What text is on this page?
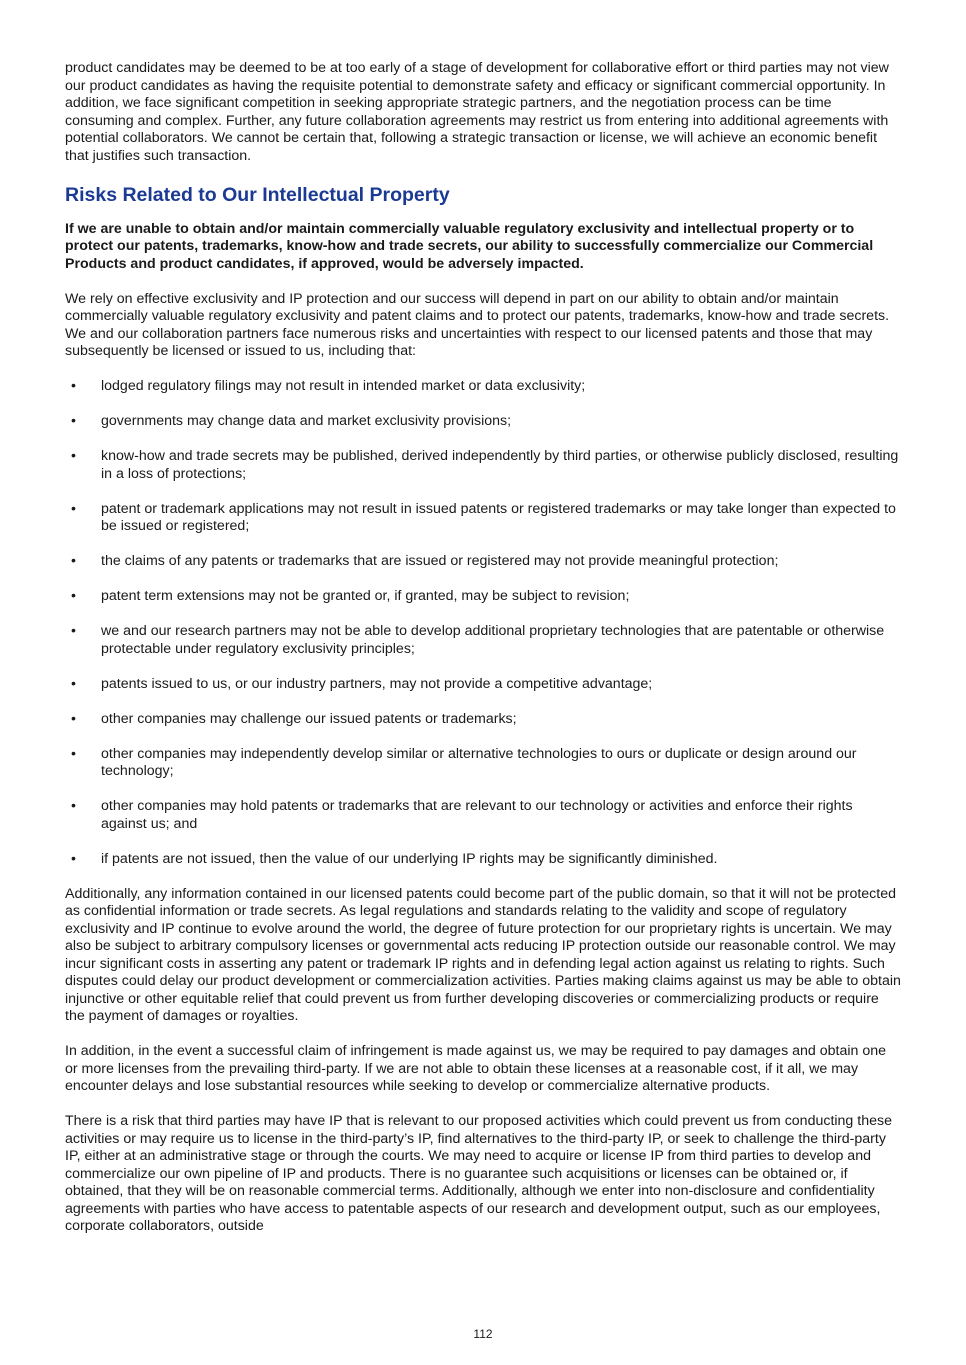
product candidates may be deemed to be at too early of a stage of development for collaborative effort or third parties may not view our product candidates as having the requisite potential to demonstrate safety and efficacy or significant commercial opportunity. In addition, we face significant competition in seeking appropriate strategic partners, and the negotiation process can be time consuming and complex. Further, any future collaboration agreements may restrict us from entering into additional agreements with potential collaborators. We cannot be certain that, following a strategic transaction or license, we will achieve an economic benefit that justifies such transaction.

Risks Related to Our Intellectual Property

If we are unable to obtain and/or maintain commercially valuable regulatory exclusivity and intellectual property or to protect our patents, trademarks, know-how and trade secrets, our ability to successfully commercialize our Commercial Products and product candidates, if approved, would be adversely impacted.

We rely on effective exclusivity and IP protection and our success will depend in part on our ability to obtain and/or maintain commercially valuable regulatory exclusivity and patent claims and to protect our patents, trademarks, know-how and trade secrets. We and our collaboration partners face numerous risks and uncertainties with respect to our licensed patents and those that may subsequently be licensed or issued to us, including that:

• lodged regulatory filings may not result in intended market or data exclusivity;
• governments may change data and market exclusivity provisions;
• know-how and trade secrets may be published, derived independently by third parties, or otherwise publicly disclosed, resulting in a loss of protections;
• patent or trademark applications may not result in issued patents or registered trademarks or may take longer than expected to be issued or registered;
• the claims of any patents or trademarks that are issued or registered may not provide meaningful protection;
• patent term extensions may not be granted or, if granted, may be subject to revision;
• we and our research partners may not be able to develop additional proprietary technologies that are patentable or otherwise protectable under regulatory exclusivity principles;
• patents issued to us, or our industry partners, may not provide a competitive advantage;
• other companies may challenge our issued patents or trademarks;
• other companies may independently develop similar or alternative technologies to ours or duplicate or design around our technology;
• other companies may hold patents or trademarks that are relevant to our technology or activities and enforce their rights against us; and
• if patents are not issued, then the value of our underlying IP rights may be significantly diminished.

Additionally, any information contained in our licensed patents could become part of the public domain, so that it will not be protected as confidential information or trade secrets. As legal regulations and standards relating to the validity and scope of regulatory exclusivity and IP continue to evolve around the world, the degree of future protection for our proprietary rights is uncertain. We may also be subject to arbitrary compulsory licenses or governmental acts reducing IP protection outside our reasonable control. We may incur significant costs in asserting any patent or trademark IP rights and in defending legal action against us relating to rights. Such disputes could delay our product development or commercialization activities. Parties making claims against us may be able to obtain injunctive or other equitable relief that could prevent us from further developing discoveries or commercializing products or require the payment of damages or royalties.

In addition, in the event a successful claim of infringement is made against us, we may be required to pay damages and obtain one or more licenses from the prevailing third-party. If we are not able to obtain these licenses at a reasonable cost, if it all, we may encounter delays and lose substantial resources while seeking to develop or commercialize alternative products.

There is a risk that third parties may have IP that is relevant to our proposed activities which could prevent us from conducting these activities or may require us to license in the third-party’s IP, find alternatives to the third-party IP, or seek to challenge the third-party IP, either at an administrative stage or through the courts. We may need to acquire or license IP from third parties to develop and commercialize our own pipeline of IP and products. There is no guarantee such acquisitions or licenses can be obtained or, if obtained, that they will be on reasonable commercial terms. Additionally, although we enter into non-disclosure and confidentiality agreements with parties who have access to patentable aspects of our research and development output, such as our employees, corporate collaborators, outside

112
